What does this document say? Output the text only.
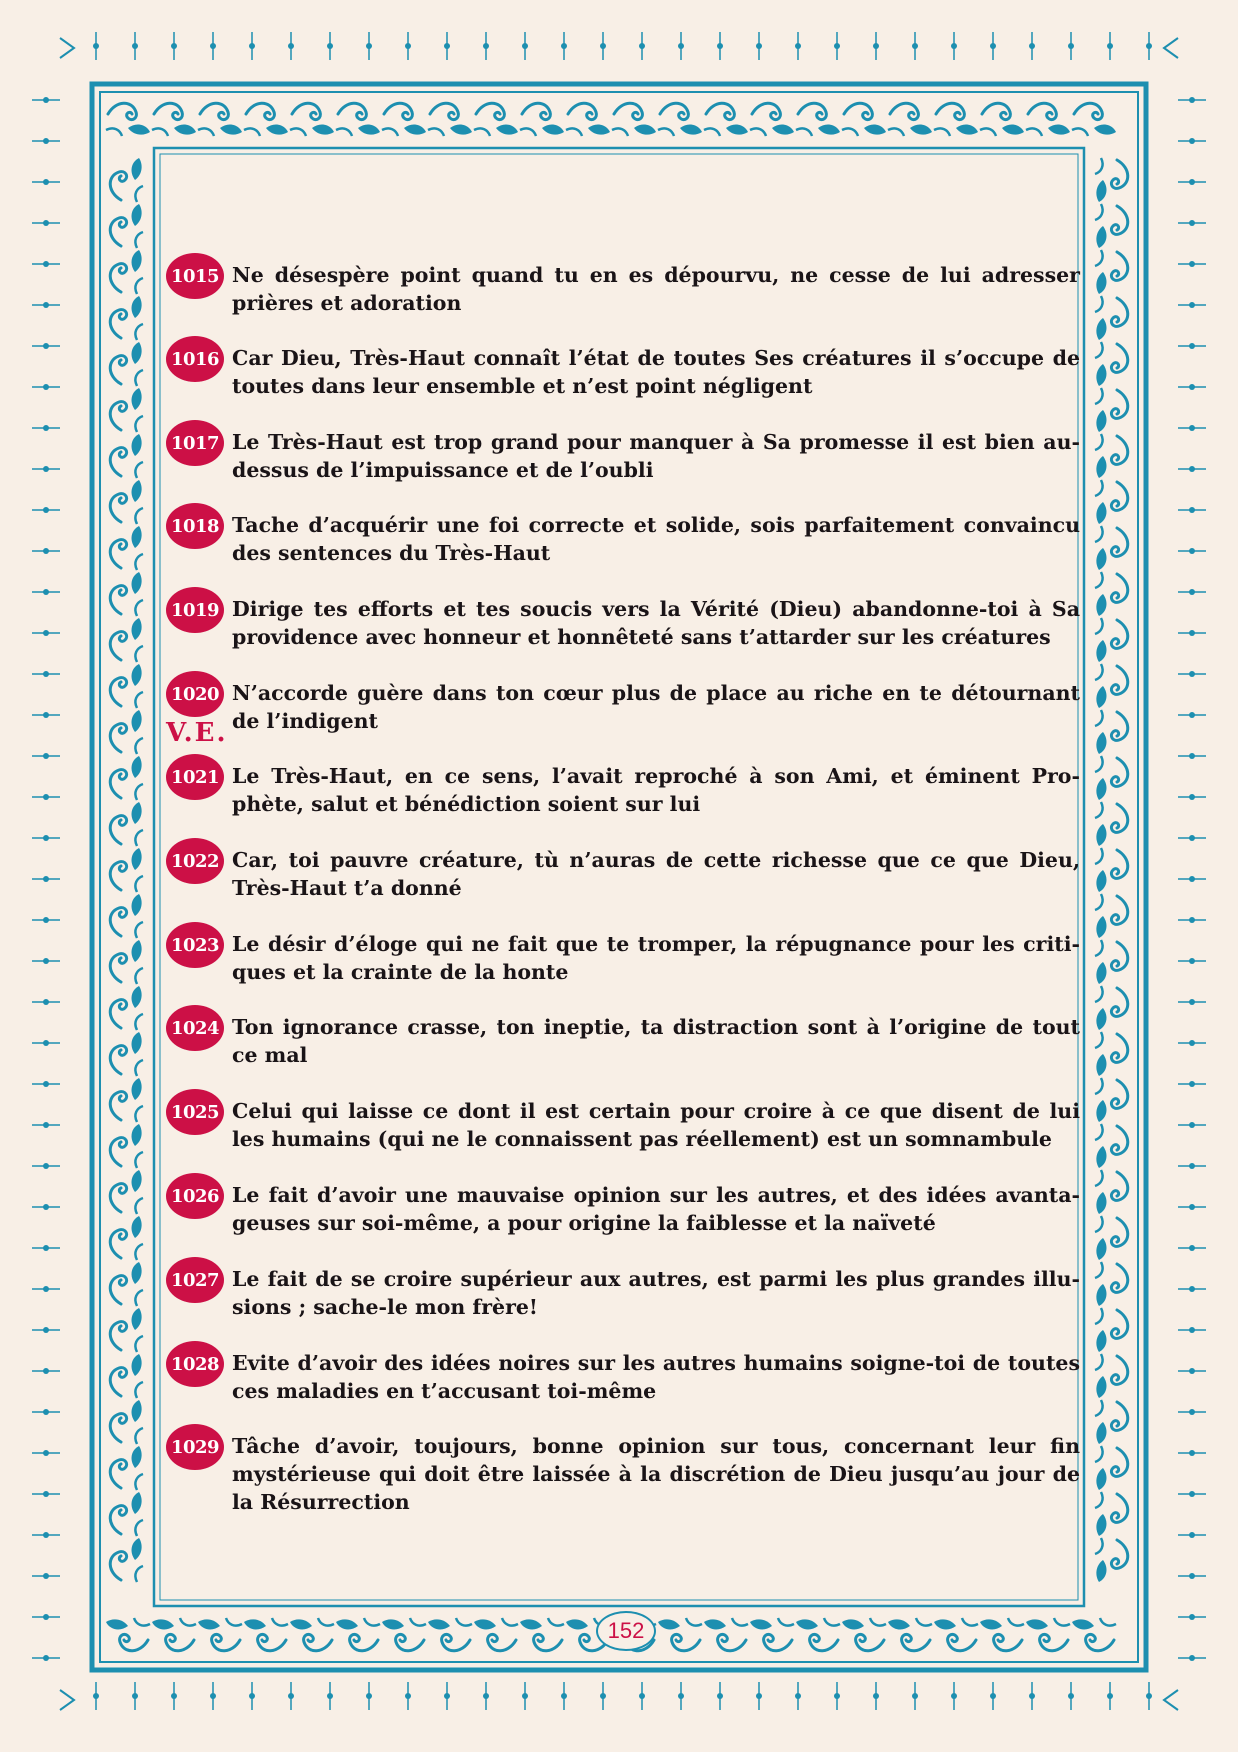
1015 Ne désespère point quand tu en es dépourvu, ne cesse de lui adresser prières et adoration
1016 Car Dieu, Très-Haut connaît l’état de toutes Ses créatures il s’occupe de toutes dans leur ensemble et n’est point négligent
1017 Le Très-Haut est trop grand pour manquer à Sa promesse il est bien au-dessus de l’impuissance et de l’oubli
1018 Tache d’acquérir une foi correcte et solide, sois parfaitement convaincu des sentences du Très-Haut
1019 Dirige tes efforts et tes soucis vers la Vérité (Dieu) abandonne-toi à Sa providence avec honneur et honnêteté sans t’attarder sur les créatures
1020 N’accorde guère dans ton cœur plus de place au riche en te détournant de l’indigent
1021 Le Très-Haut, en ce sens, l’avait reproché à son Ami, et éminent Pro-phète, salut et bénédiction soient sur lui
1022 Car, toi pauvre créature, tù n’auras de cette richesse que ce que Dieu, Très-Haut t’a donné
1023 Le désir d’éloge qui ne fait que te tromper, la répugnance pour les criti-ques et la crainte de la honte
1024 Ton ignorance crasse, ton ineptie, ta distraction sont à l’origine de tout ce mal
1025 Celui qui laisse ce dont il est certain pour croire à ce que disent de lui les humains (qui ne le connaissent pas réellement) est un somnambule
1026 Le fait d’avoir une mauvaise opinion sur les autres, et des idées avanta-geuses sur soi-même, a pour origine la faiblesse et la naïveté
1027 Le fait de se croire supérieur aux autres, est parmi les plus grandes illu-sions ; sache-le mon frère!
1028 Evite d’avoir des idées noires sur les autres humains soigne-toi de toutes ces maladies en t’accusant toi-même
1029 Tâche d’avoir, toujours, bonne opinion sur tous, concernant leur fin mystérieuse qui doit être laissée à la discrétion de Dieu jusqu’au jour de la Résurrection
V.E.
152
